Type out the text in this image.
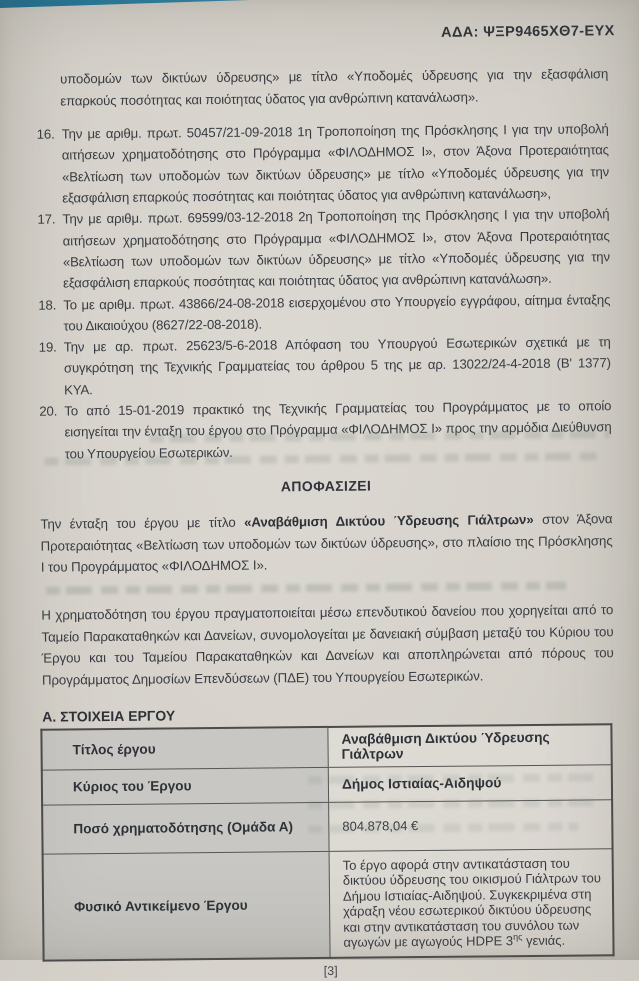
ΑΔΑ: ΨΞΡ9465ΧΘ7-ΕΥΧ

υποδομών των δικτύων ύδρευσης» με τίτλο «Υποδομές ύδρευσης για την εξασφάλιση επαρκούς ποσότητας και ποιότητας ύδατος για ανθρώπινη κατανάλωση».

16. Την με αριθμ. πρωτ. 50457/21-09-2018 1η Τροποποίηση της Πρόσκλησης Ι για την υποβολή αιτήσεων χρηματοδότησης στο Πρόγραμμα «ΦΙΛΟΔΗΜΟΣ Ι», στον Άξονα Προτεραιότητας «Βελτίωση των υποδομών των δικτύων ύδρευσης» με τίτλο «Υποδομές ύδρευσης για την εξασφάλιση επαρκούς ποσότητας και ποιότητας ύδατος για ανθρώπινη κατανάλωση»,
17. Την με αριθμ. πρωτ. 69599/03-12-2018 2η Τροποποίηση της Πρόσκλησης Ι για την υποβολή αιτήσεων χρηματοδότησης στο Πρόγραμμα «ΦΙΛΟΔΗΜΟΣ Ι», στον Άξονα Προτεραιότητας «Βελτίωση των υποδομών των δικτύων ύδρευσης» με τίτλο «Υποδομές ύδρευσης για την εξασφάλιση επαρκούς ποσότητας και ποιότητας ύδατος για ανθρώπινη κατανάλωση».
18. Το με αριθμ. πρωτ. 43866/24-08-2018 εισερχομένου στο Υπουργείο εγγράφου, αίτημα ένταξης του Δικαιούχου (8627/22-08-2018).
19. Την με αρ. πρωτ. 25623/5-6-2018 Απόφαση του Υπουργού Εσωτερικών σχετικά με τη συγκρότηση της Τεχνικής Γραμματείας του άρθρου 5 της με αρ. 13022/24-4-2018 (Β' 1377) ΚΥΑ.
20. Το από 15-01-2019 πρακτικό της Τεχνικής Γραμματείας του Προγράμματος με το οποίο εισηγείται την ένταξη του έργου στο Πρόγραμμα «ΦΙΛΟΔΗΜΟΣ Ι» προς την αρμόδια Διεύθυνση του Υπουργείου Εσωτερικών.
ΑΠΟΦΑΣΙΖΕΙ

Την ένταξη του έργου με τίτλο «Αναβάθμιση Δικτύου Ύδρευσης Γιάλτρων» στον Άξονα Προτεραιότητας «Βελτίωση των υποδομών των δικτύων ύδρευσης», στο πλαίσιο της Πρόσκλησης Ι του Προγράμματος «ΦΙΛΟΔΗΜΟΣ Ι».

Η χρηματοδότηση του έργου πραγματοποιείται μέσω επενδυτικού δανείου που χορηγείται από το Ταμείο Παρακαταθηκών και Δανείων, συνομολογείται με δανειακή σύμβαση μεταξύ του Κύριου του Έργου και του Ταμείου Παρακαταθηκών και Δανείων και αποπληρώνεται από πόρους του Προγράμματος Δημοσίων Επενδύσεων (ΠΔΕ) του Υπουργείου Εσωτερικών.

Α. ΣΤΟΙΧΕΙΑ ΕΡΓΟΥ
Τίτλος έργου	Αναβάθμιση Δικτύου Ύδρευσης Γιάλτρων
Κύριος του Έργου	Δήμος Ιστιαίας-Αιδηψού
Ποσό χρηματοδότησης (Ομάδα Α)	804.878,04 €
Φυσικό Αντικείμενο Έργου	Το έργο αφορά στην αντικατάσταση του δικτύου ύδρευσης του οικισμού Γιάλτρων του Δήμου Ιστιαίας-Αιδηψού. Συγκεκριμένα στη χάραξη νέου εσωτερικού δικτύου ύδρευσης και στην αντικατάσταση του συνόλου των αγωγών με αγωγούς HDPE $3^{\eta\varsigma}$ γενιάς.
[3]
